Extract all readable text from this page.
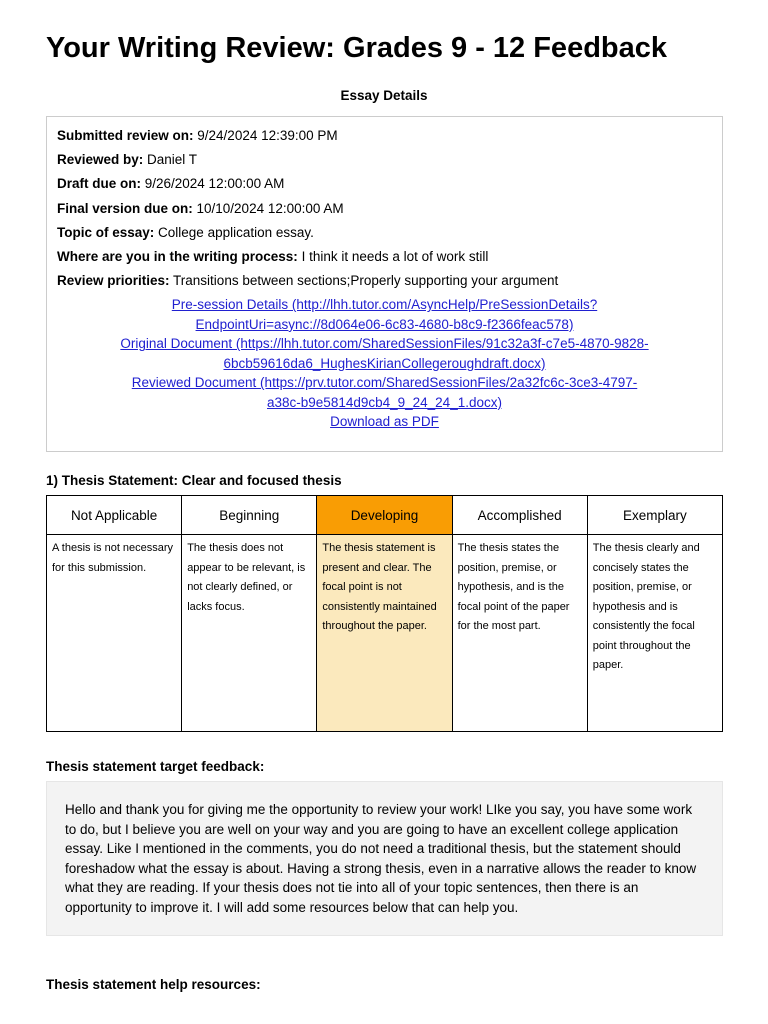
Your Writing Review: Grades 9 - 12 Feedback
Essay Details
Submitted review on: 9/24/2024 12:39:00 PM
Reviewed by: Daniel T
Draft due on: 9/26/2024 12:00:00 AM
Final version due on: 10/10/2024 12:00:00 AM
Topic of essay: College application essay.
Where are you in the writing process: I think it needs a lot of work still
Review priorities: Transitions between sections;Properly supporting your argument
Pre-session Details (http://lhh.tutor.com/AsyncHelp/PreSessionDetails?EndpointUri=async://8d064e06-6c83-4680-b8c9-f2366feac578)
Original Document (https://lhh.tutor.com/SharedSessionFiles/91c32a3f-c7e5-4870-9828-6bcb59616da6_HughesKirianCollegeroughdraft.docx)
Reviewed Document (https://prv.tutor.com/SharedSessionFiles/2a32fc6c-3ce3-4797-a38c-b9e5814d9cb4_9_24_24_1.docx)
Download as PDF
1) Thesis Statement: Clear and focused thesis
Not Applicable	Beginning	Developing	Accomplished	Exemplary
A thesis is not necessary for this submission.	The thesis does not appear to be relevant, is not clearly defined, or lacks focus.	The thesis statement is present and clear. The focal point is not consistently maintained throughout the paper.	The thesis states the position, premise, or hypothesis, and is the focal point of the paper for the most part.	The thesis clearly and concisely states the position, premise, or hypothesis and is consistently the focal point throughout the paper.
Thesis statement target feedback:
Hello and thank you for giving me the opportunity to review your work! LIke you say, you have some work to do, but I believe you are well on your way and you are going to have an excellent college application essay. Like I mentioned in the comments, you do not need a traditional thesis, but the statement should foreshadow what the essay is about. Having a strong thesis, even in a narrative allows the reader to know what they are reading. If your thesis does not tie into all of your topic sentences, then there is an opportunity to improve it. I will add some resources below that can help you.
Thesis statement help resources:
